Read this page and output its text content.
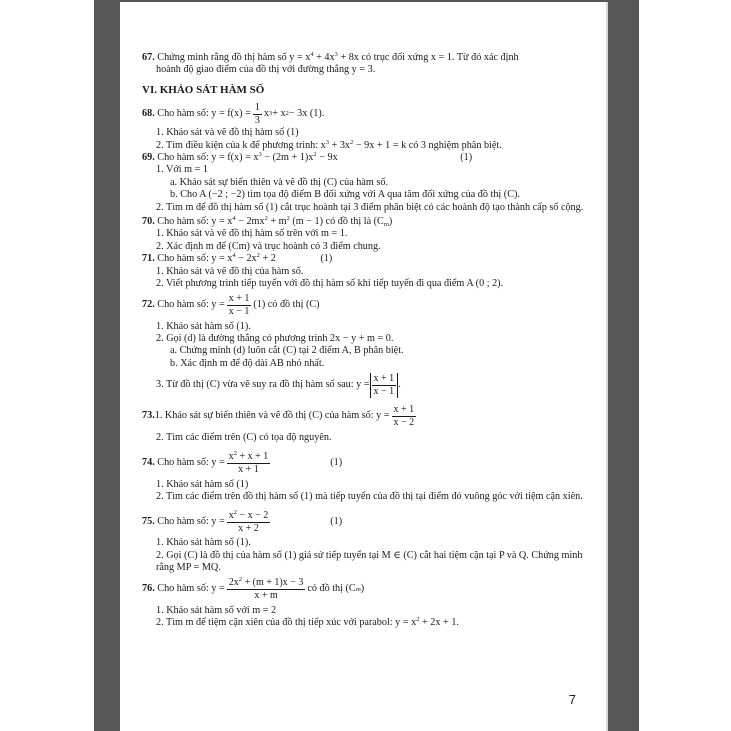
67. Chứng minh rằng đồ thị hàm số $y = x^4 + 4x^3 + 8x$ có trục đối xứng x = 1. Từ đó xác định
hoành độ giao điểm của đồ thị với đường thẳng y = 3.
VI. KHẢO SÁT HÀM SỐ
68.
Cho hàm số: $y = f(x) = \frac{1}{3}$ x 3 + x 2 − 3x (1).
1. Khảo sát và vẽ đồ thị hàm số (1)
2. Tìm điều kiện của k để phương trình: $x^3 + 3x^2 - 9x + 1 = k$ có 3 nghiệm phân biệt.
69. Cho hàm số: $y = f(x) = x^3 - (2m + 1)x^2 - 9x$	(1)
1. Với m = 1
a. Khảo sát sự biến thiên và vẽ đồ thị (C) của hàm số.
b. Cho A (−2 ; −2) tìm tọa độ điểm B đối xứng với A qua tâm đối xứng của đồ thị (C).
2. Tìm m để đồ thị hàm số (1) cắt trục hoành tại 3 điểm phân biệt có các hoành độ tạo thành cấp số cộng.
70. Cho hàm số: $y = x^4 - 2mx^2 + m^2$ (m − 1) có đồ thị là $(C_m)$
1. Khảo sát và vẽ đồ thị hàm số trên với m = 1.
2. Xác định m để (Cm) và trục hoành có 3 điểm chung.
71. Cho hàm số: $y = x^4 - 2x^2 + 2$	(1)
1. Khảo sát và vẽ đồ thị của hàm số.
2. Viết phương trình tiếp tuyến với đồ thị hàm số khi tiếp tuyến đi qua điểm A (0 ; 2).
72.
Cho hàm số: $y = \frac{x + 1}{x - 1} (1)$ có đồ thị (C)
1. Khảo sát hàm số (1).
2. Gọi (d) là đường thẳng có phương trình 2x − y + m = 0.
a. Chứng minh (d) luôn cắt (C) tại 2 điểm A, B phân biệt.
b. Xác định m để độ dài AB nhỏ nhất.
3. Từ đồ thị (C) vừa vẽ suy ra đồ thị hàm số sau: $y = \frac{x + 1}{x - 1}$ .
73. 1. Khảo sát sự biến thiên và vẽ đồ thị (C) của hàm số: $y = \frac{x + 1}{x - 2}$
2. Tìm các điểm trên (C) có tọa độ nguyên.
74.
Cho hàm số: $y = \frac{x^2 + x + 1}{x + 1}$	(1)
1. Khảo sát hàm số (1)
2. Tìm các điểm trên đồ thị hàm số (1) mà tiếp tuyến của đồ thị tại điểm đó vuông góc với tiệm cận xiên.
75.
Cho hàm số: $y = \frac{x^2 - x - 2}{x + 2}$	(1)
1. Khảo sát hàm số (1).
2. Gọi (C) là đồ thị của hàm số (1) giả sử tiếp tuyến tại M ∈ (C) cắt hai tiệm cận tại P và Q. Chứng minh rằng MP = MQ.
76.
Cho hàm số: $y = \frac{2x^2 + (m + 1)x - 3}{x + m}$ có đồ thị (C m )
1. Khảo sát hàm số với m = 2
2. Tìm m để tiệm cận xiên của đồ thị tiếp xúc với parabol: $y = x^2 + 2x + 1$.
7
